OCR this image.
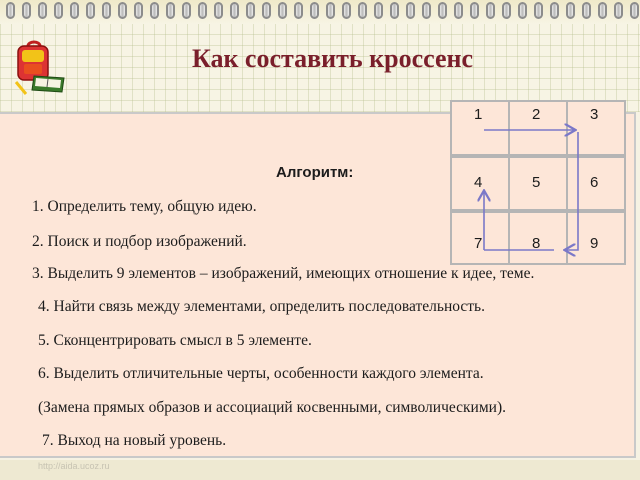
Как составить кроссенс
Алгоритм:
1. Определить тему, общую идею.
2. Поиск и подбор изображений.
3. Выделить 9 элементов – изображений, имеющих отношение к идее, теме.
4. Найти связь между элементами, определить последовательность.
5. Сконцентрировать смысл в 5 элементе.
6. Выделить отличительные черты, особенности каждого элемента.
(Замена прямых образов и ассоциаций косвенными, символическими).
7. Выход на новый уровень.
1	2	3
4	5	6
7	8	9
http://aida.ucoz.ru
